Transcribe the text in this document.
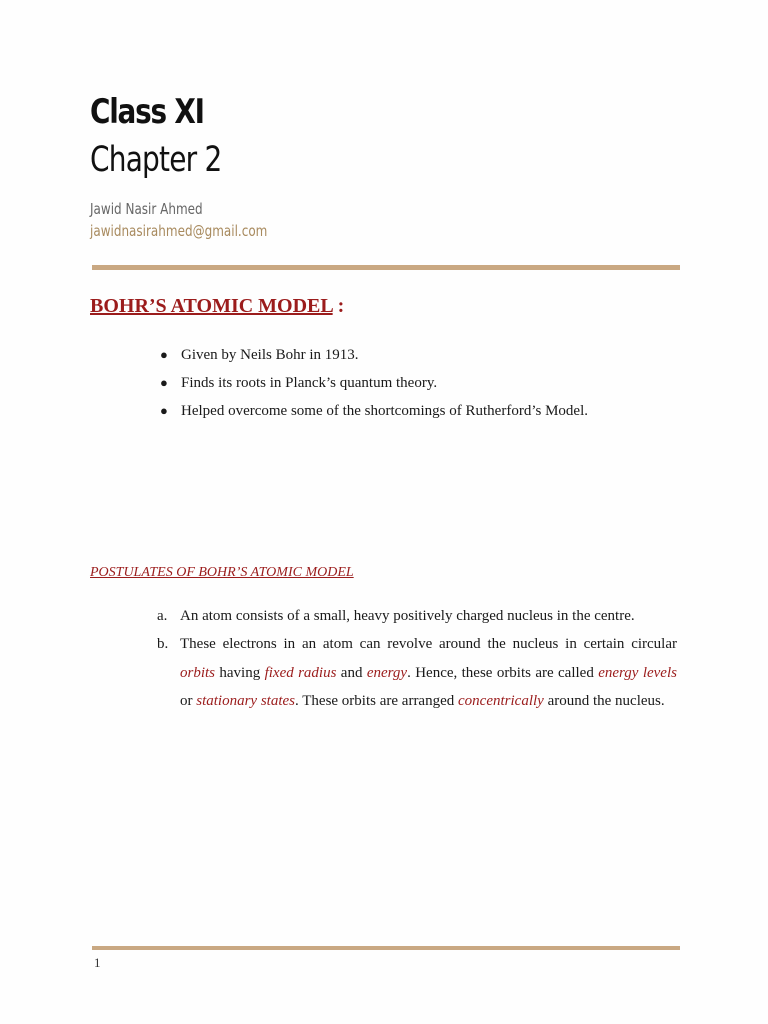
Class XI
Chapter 2
Jawid Nasir Ahmed
jawidnasirahmed@gmail.com
BOHR’S ATOMIC MODEL :
● Given by Neils Bohr in 1913.
● Finds its roots in Planck’s quantum theory.
● Helped overcome some of the shortcomings of Rutherford’s Model.
POSTULATES OF BOHR’S ATOMIC MODEL
a. An atom consists of a small, heavy positively charged nucleus in the centre.
b. These electrons in an atom can revolve around the nucleus in certain circular orbits having fixed radius and energy. Hence, these orbits are called energy levels or stationary states. These orbits are arranged concentrically around the nucleus.
1
